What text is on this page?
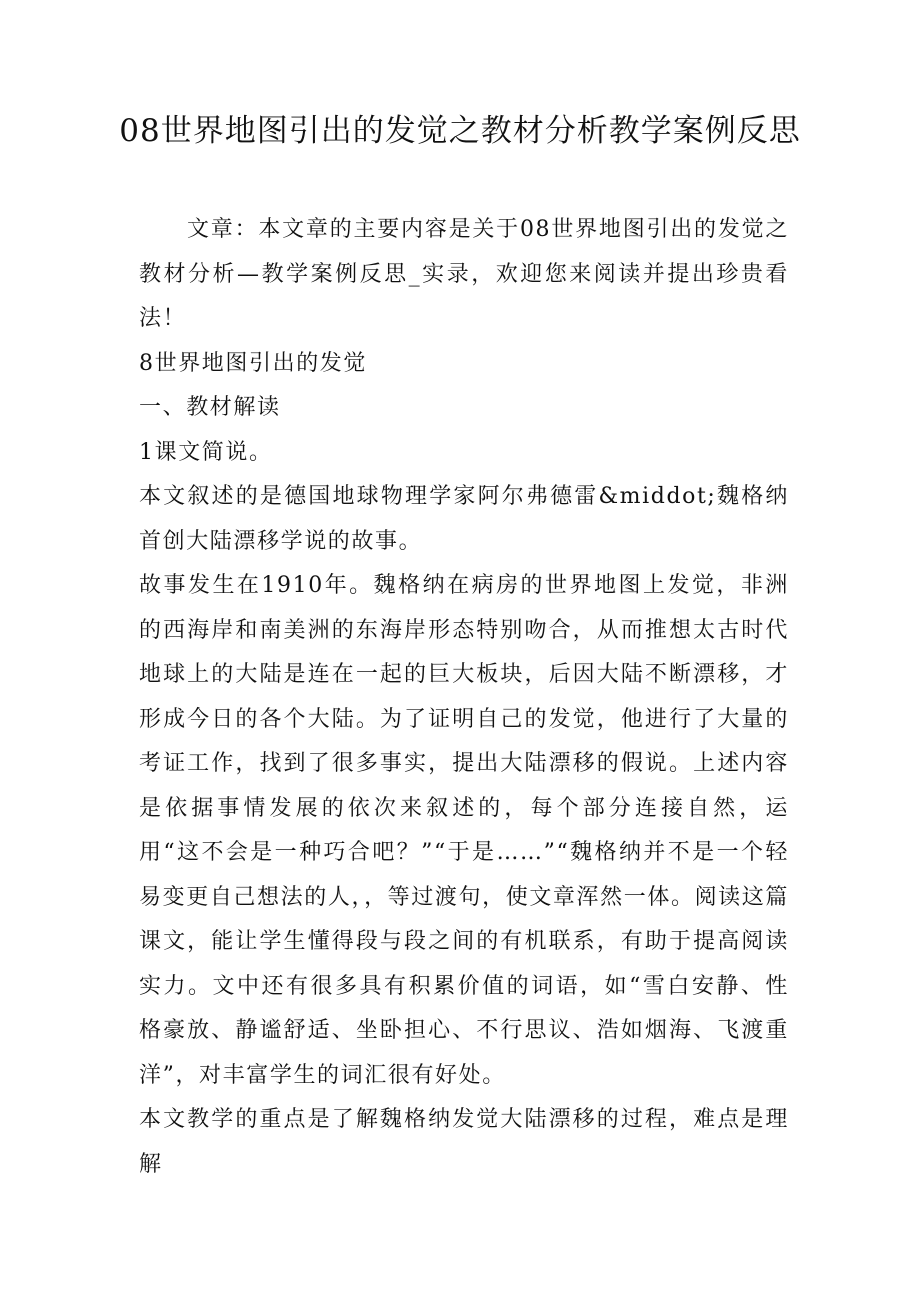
08世界地图引出的发觉之教材分析教学案例反思

文章：本文章的主要内容是关于08世界地图引出的发觉之教材分析—教学案例反思_实录，欢迎您来阅读并提出珍贵看法！

8世界地图引出的发觉

一、教材解读

1课文简说。

本文叙述的是德国地球物理学家阿尔弗德雷&middot;魏格纳首创大陆漂移学说的故事。

故事发生在1910年。魏格纳在病房的世界地图上发觉，非洲的西海岸和南美洲的东海岸形态特别吻合，从而推想太古时代地球上的大陆是连在一起的巨大板块，后因大陆不断漂移，才形成今日的各个大陆。为了证明自己的发觉，他进行了大量的考证工作，找到了很多事实，提出大陆漂移的假说。上述内容是依据事情发展的依次来叙述的，每个部分连接自然，运用“这不会是一种巧合吧？”“于是……”“魏格纳并不是一个轻易变更自己想法的人，，等过渡句，使文章浑然一体。阅读这篇课文，能让学生懂得段与段之间的有机联系，有助于提高阅读实力。文中还有很多具有积累价值的词语，如“雪白安静、性格豪放、静谧舒适、坐卧担心、不行思议、浩如烟海、飞渡重洋”，对丰富学生的词汇很有好处。

本文教学的重点是了解魏格纳发觉大陆漂移的过程，难点是理解
